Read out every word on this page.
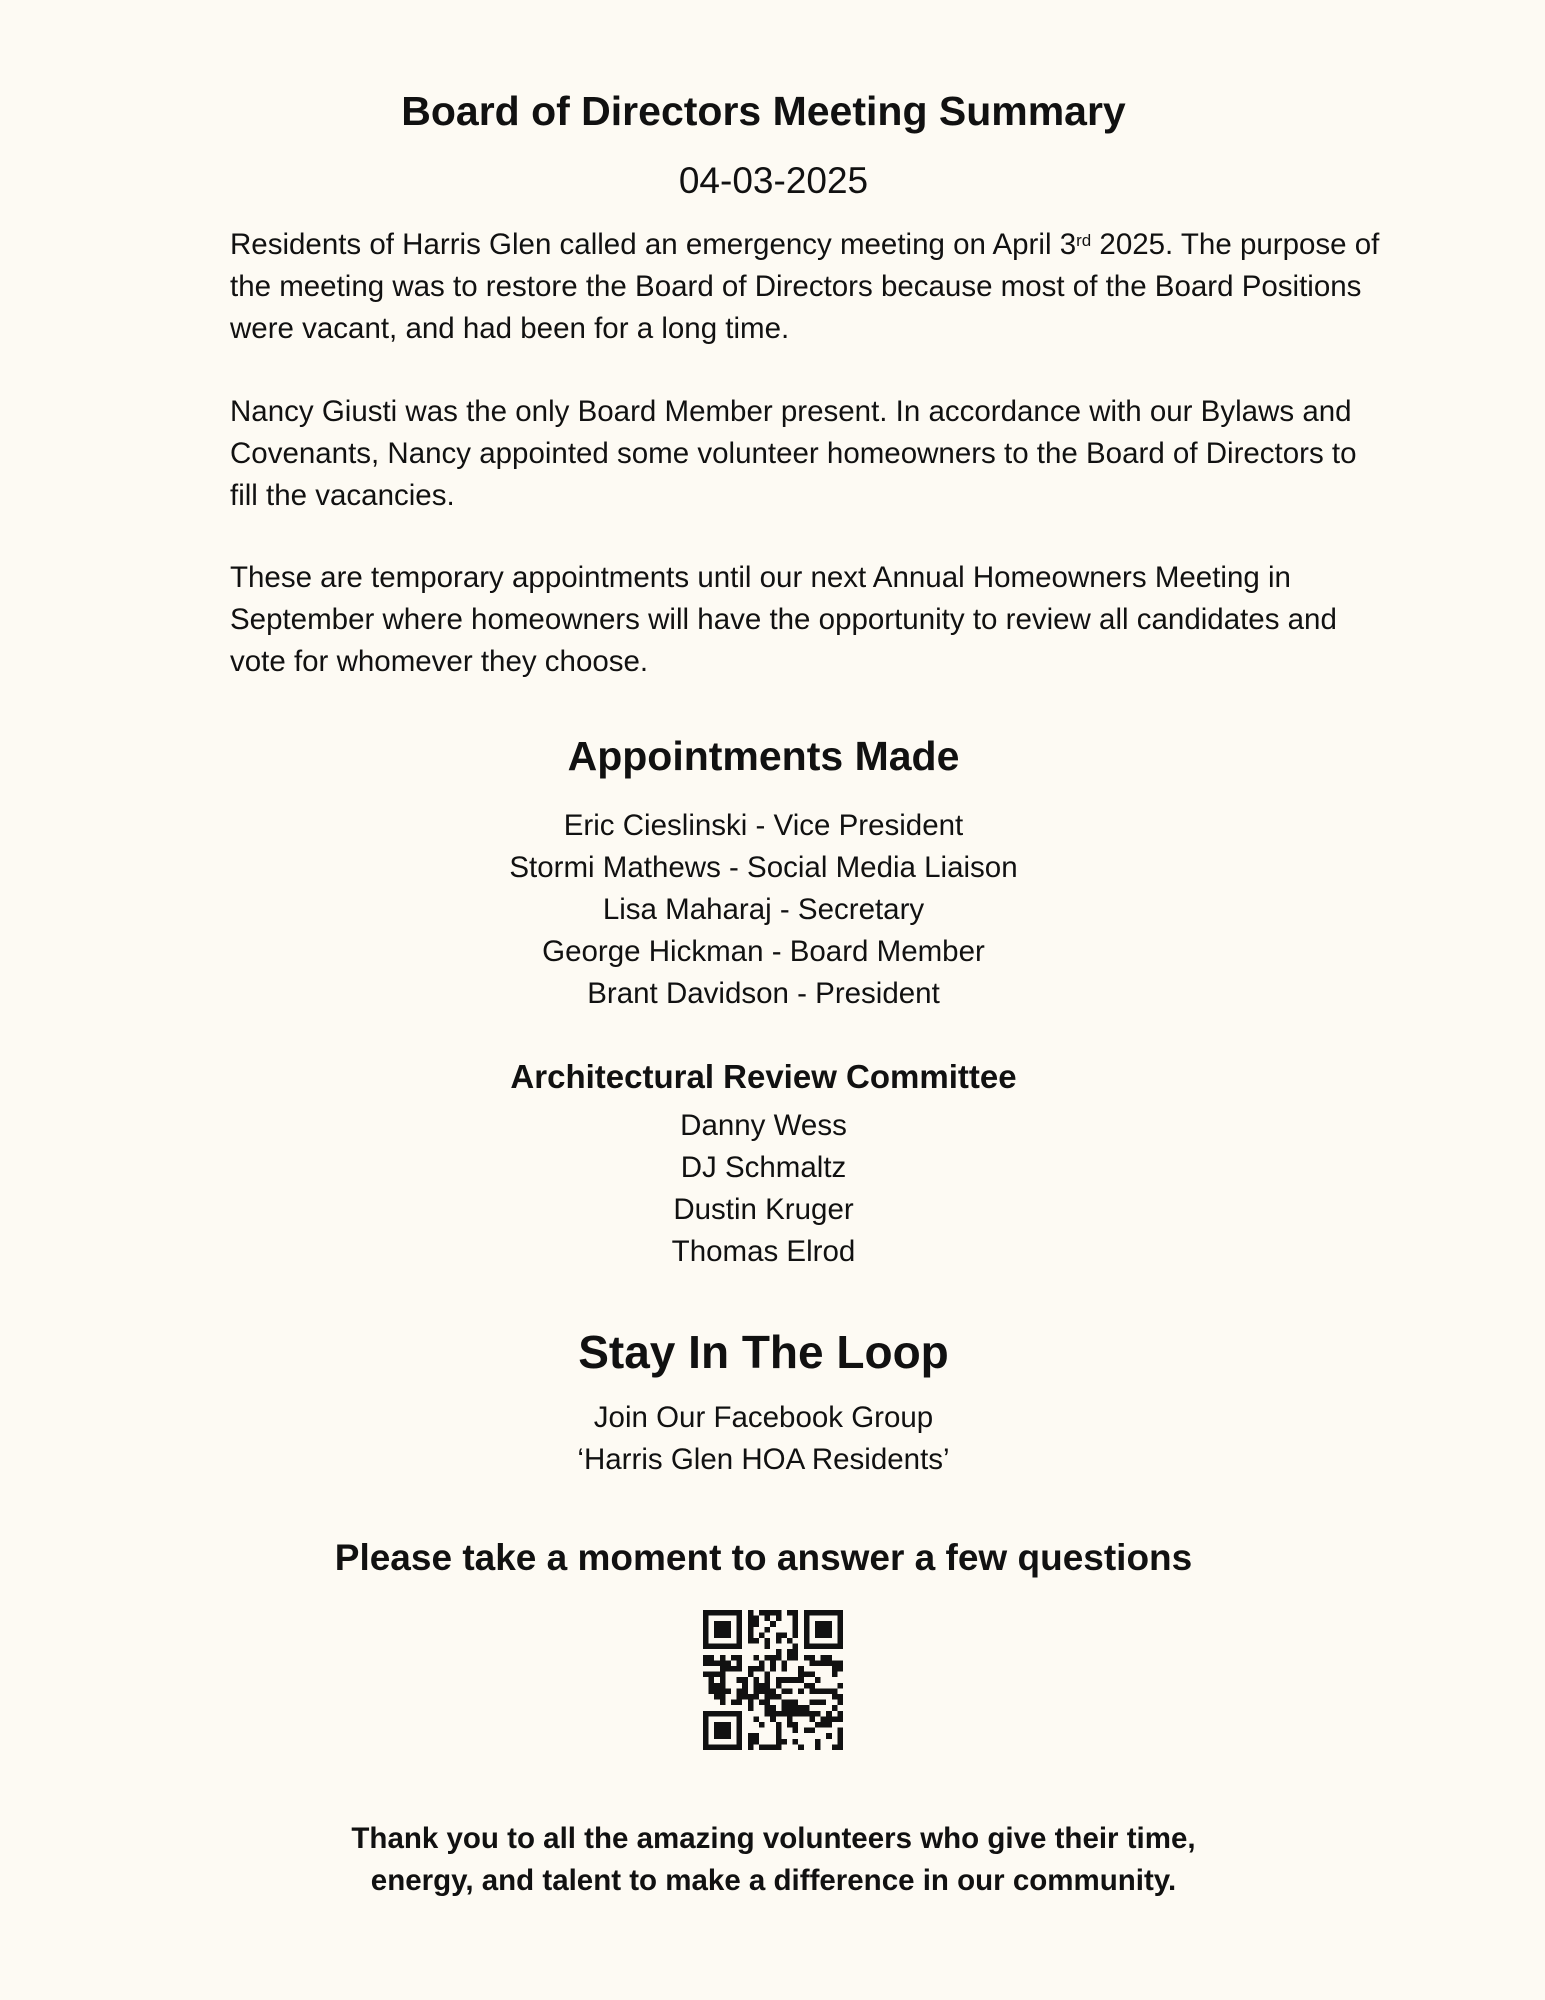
Board of Directors Meeting Summary
04-03-2025

Residents of Harris Glen called an emergency meeting on April 3rd 2025. The purpose of the meeting was to restore the Board of Directors because most of the Board Positions were vacant, and had been for a long time.

Nancy Giusti was the only Board Member present. In accordance with our Bylaws and Covenants, Nancy appointed some volunteer homeowners to the Board of Directors to fill the vacancies.

These are temporary appointments until our next Annual Homeowners Meeting in September where homeowners will have the opportunity to review all candidates and vote for whomever they choose.

Appointments Made
Eric Cieslinski - Vice President
Stormi Mathews - Social Media Liaison
Lisa Maharaj - Secretary
George Hickman - Board Member
Brant Davidson - President
Architectural Review Committee
Danny Wess
DJ Schmaltz
Dustin Kruger
Thomas Elrod
Stay In The Loop
Join Our Facebook Group
‘Harris Glen HOA Residents’
Please take a moment to answer a few questions
Thank you to all the amazing volunteers who give their time,
energy, and talent to make a difference in our community.
